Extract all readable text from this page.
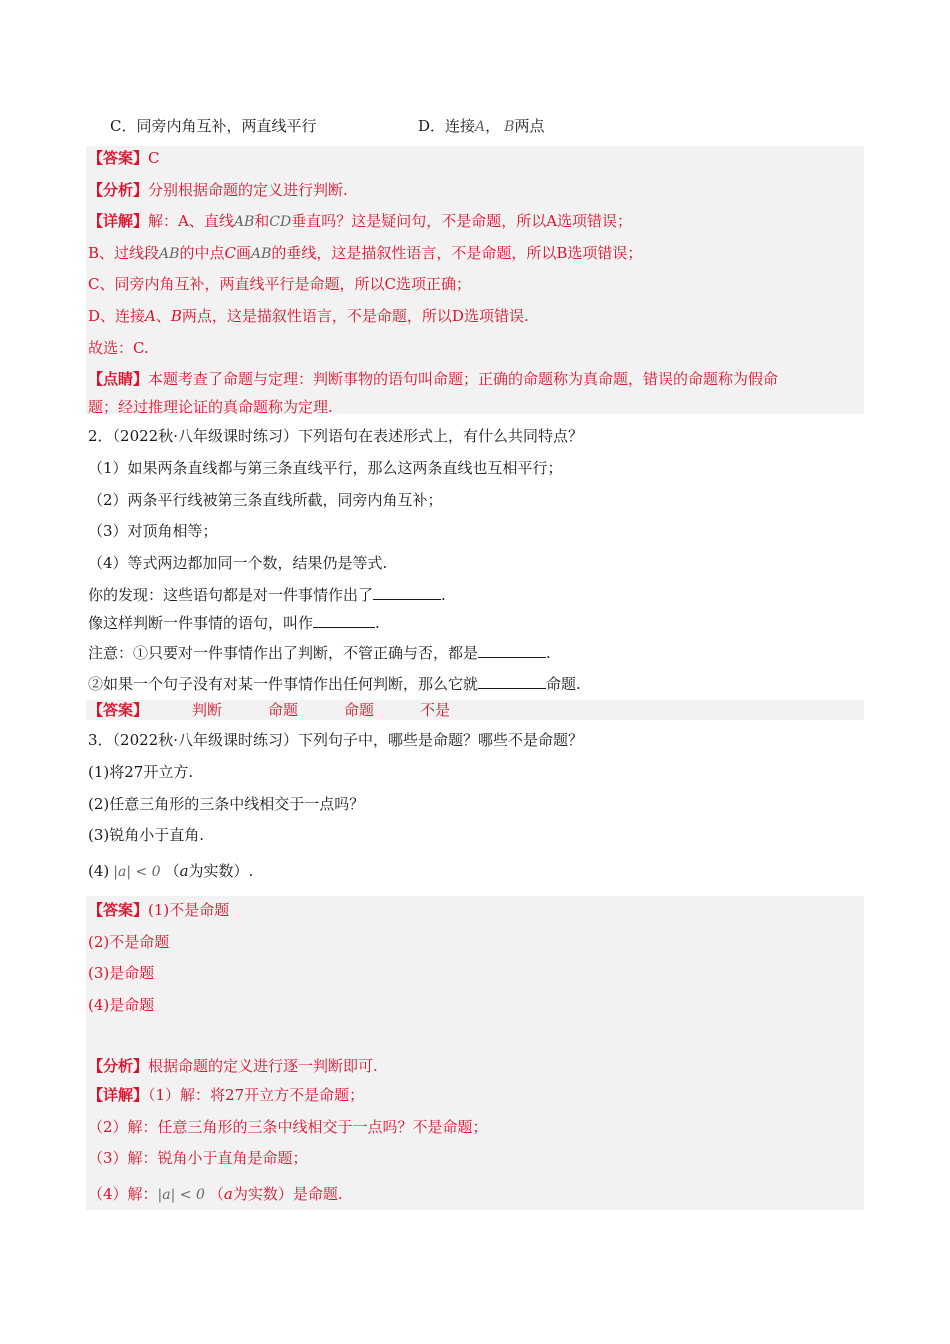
C．同旁内角互补，两直线平行	D．连接A， B两点
【答案】C
【分析】分别根据命题的定义进行判断.
【详解】解：A、直线AB和CD垂直吗？这是疑问句，不是命题，所以A选项错误；
B、过线段AB的中点C画AB的垂线，这是描叙性语言，不是命题，所以B选项错误；
C、同旁内角互补，两直线平行是命题，所以C选项正确；
D、连接A、B两点，这是描叙性语言，不是命题，所以D选项错误.
故选：C.
【点睛】本题考查了命题与定理：判断事物的语句叫命题；正确的命题称为真命题，错误的命题称为假命
题；经过推理论证的真命题称为定理.
2．（2022秋·八年级课时练习）下列语句在表述形式上，有什么共同特点？
（1）如果两条直线都与第三条直线平行，那么这两条直线也互相平行；
（2）两条平行线被第三条直线所截，同旁内角互补；
（3）对顶角相等；
（4）等式两边都加同一个数，结果仍是等式.
你的发现：这些语句都是对一件事情作出了	.
像这样判断一件事情的语句，叫作	.
注意：①只要对一件事情作出了判断，不管正确与否，都是	.
②如果一个句子没有对某一件事情作出任何判断，那么它就	命题.
【答案】	判断	命题	命题	不是
3．（2022秋·八年级课时练习）下列句子中，哪些是命题？哪些不是命题？
(1)将27开立方.
(2)任意三角形的三条中线相交于一点吗？
(3)锐角小于直角.
(4) |a| < 0 （a为实数）.
【答案】(1)不是命题
(2)不是命题
(3)是命题
(4)是命题
【分析】根据命题的定义进行逐一判断即可.
【详解】（1）解：将27开立方不是命题；
（2）解：任意三角形的三条中线相交于一点吗？不是命题；
（3）解：锐角小于直角是命题；
（4）解：|a| < 0 （a为实数）是命题.
